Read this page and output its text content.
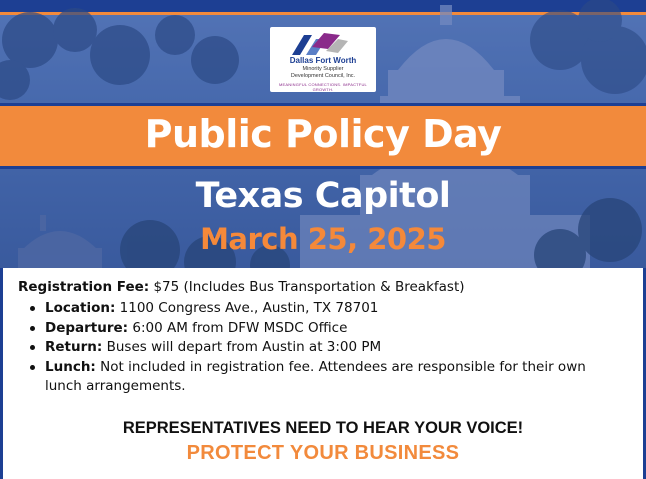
Dallas Fort Worth
Minority Supplier
Development Council, Inc.
MEANINGFUL CONNECTIONS. IMPACTFUL GROWTH.
Public Policy Day
Texas Capitol
March 25, 2025
Registration Fee: $75 (Includes Bus Transportation & Breakfast)
Location: 1100 Congress Ave., Austin, TX 78701
Departure: 6:00 AM from DFW MSDC Office
Return: Buses will depart from Austin at 3:00 PM
Lunch: Not included in registration fee. Attendees are responsible for their own lunch arrangements.
REPRESENTATIVES NEED TO HEAR YOUR VOICE!
PROTECT YOUR BUSINESS
